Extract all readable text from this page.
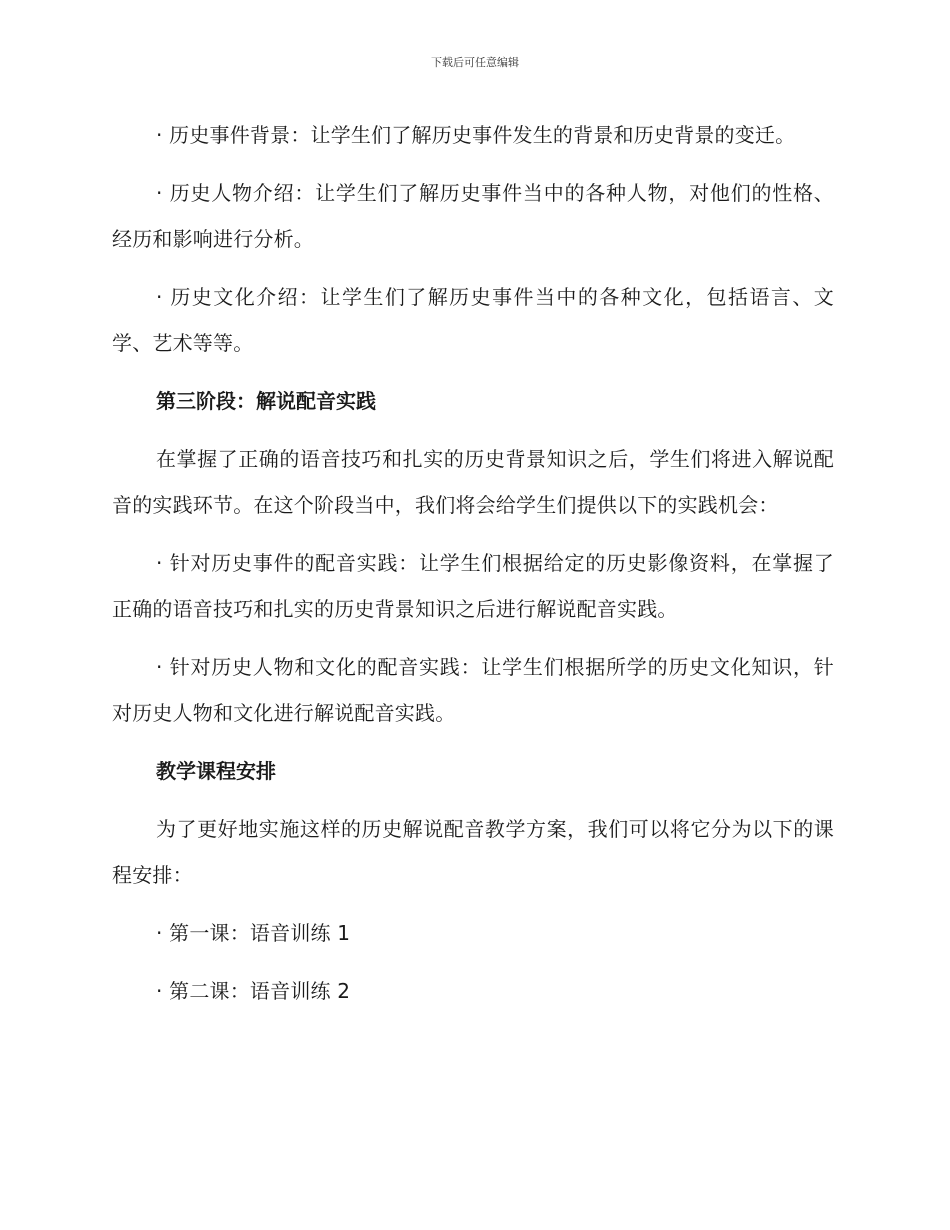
下载后可任意编辑

· 历史事件背景：让学生们了解历史事件发生的背景和历史背景的变迁。

· 历史人物介绍：让学生们了解历史事件当中的各种人物，对他们的性格、经历和影响进行分析。

· 历史文化介绍：让学生们了解历史事件当中的各种文化，包括语言、文学、艺术等等。

第三阶段：解说配音实践

在掌握了正确的语音技巧和扎实的历史背景知识之后，学生们将进入解说配音的实践环节。在这个阶段当中，我们将会给学生们提供以下的实践机会：

· 针对历史事件的配音实践：让学生们根据给定的历史影像资料，在掌握了正确的语音技巧和扎实的历史背景知识之后进行解说配音实践。

· 针对历史人物和文化的配音实践：让学生们根据所学的历史文化知识，针对历史人物和文化进行解说配音实践。

教学课程安排

为了更好地实施这样的历史解说配音教学方案，我们可以将它分为以下的课程安排：

· 第一课：语音训练 1

· 第二课：语音训练 2
